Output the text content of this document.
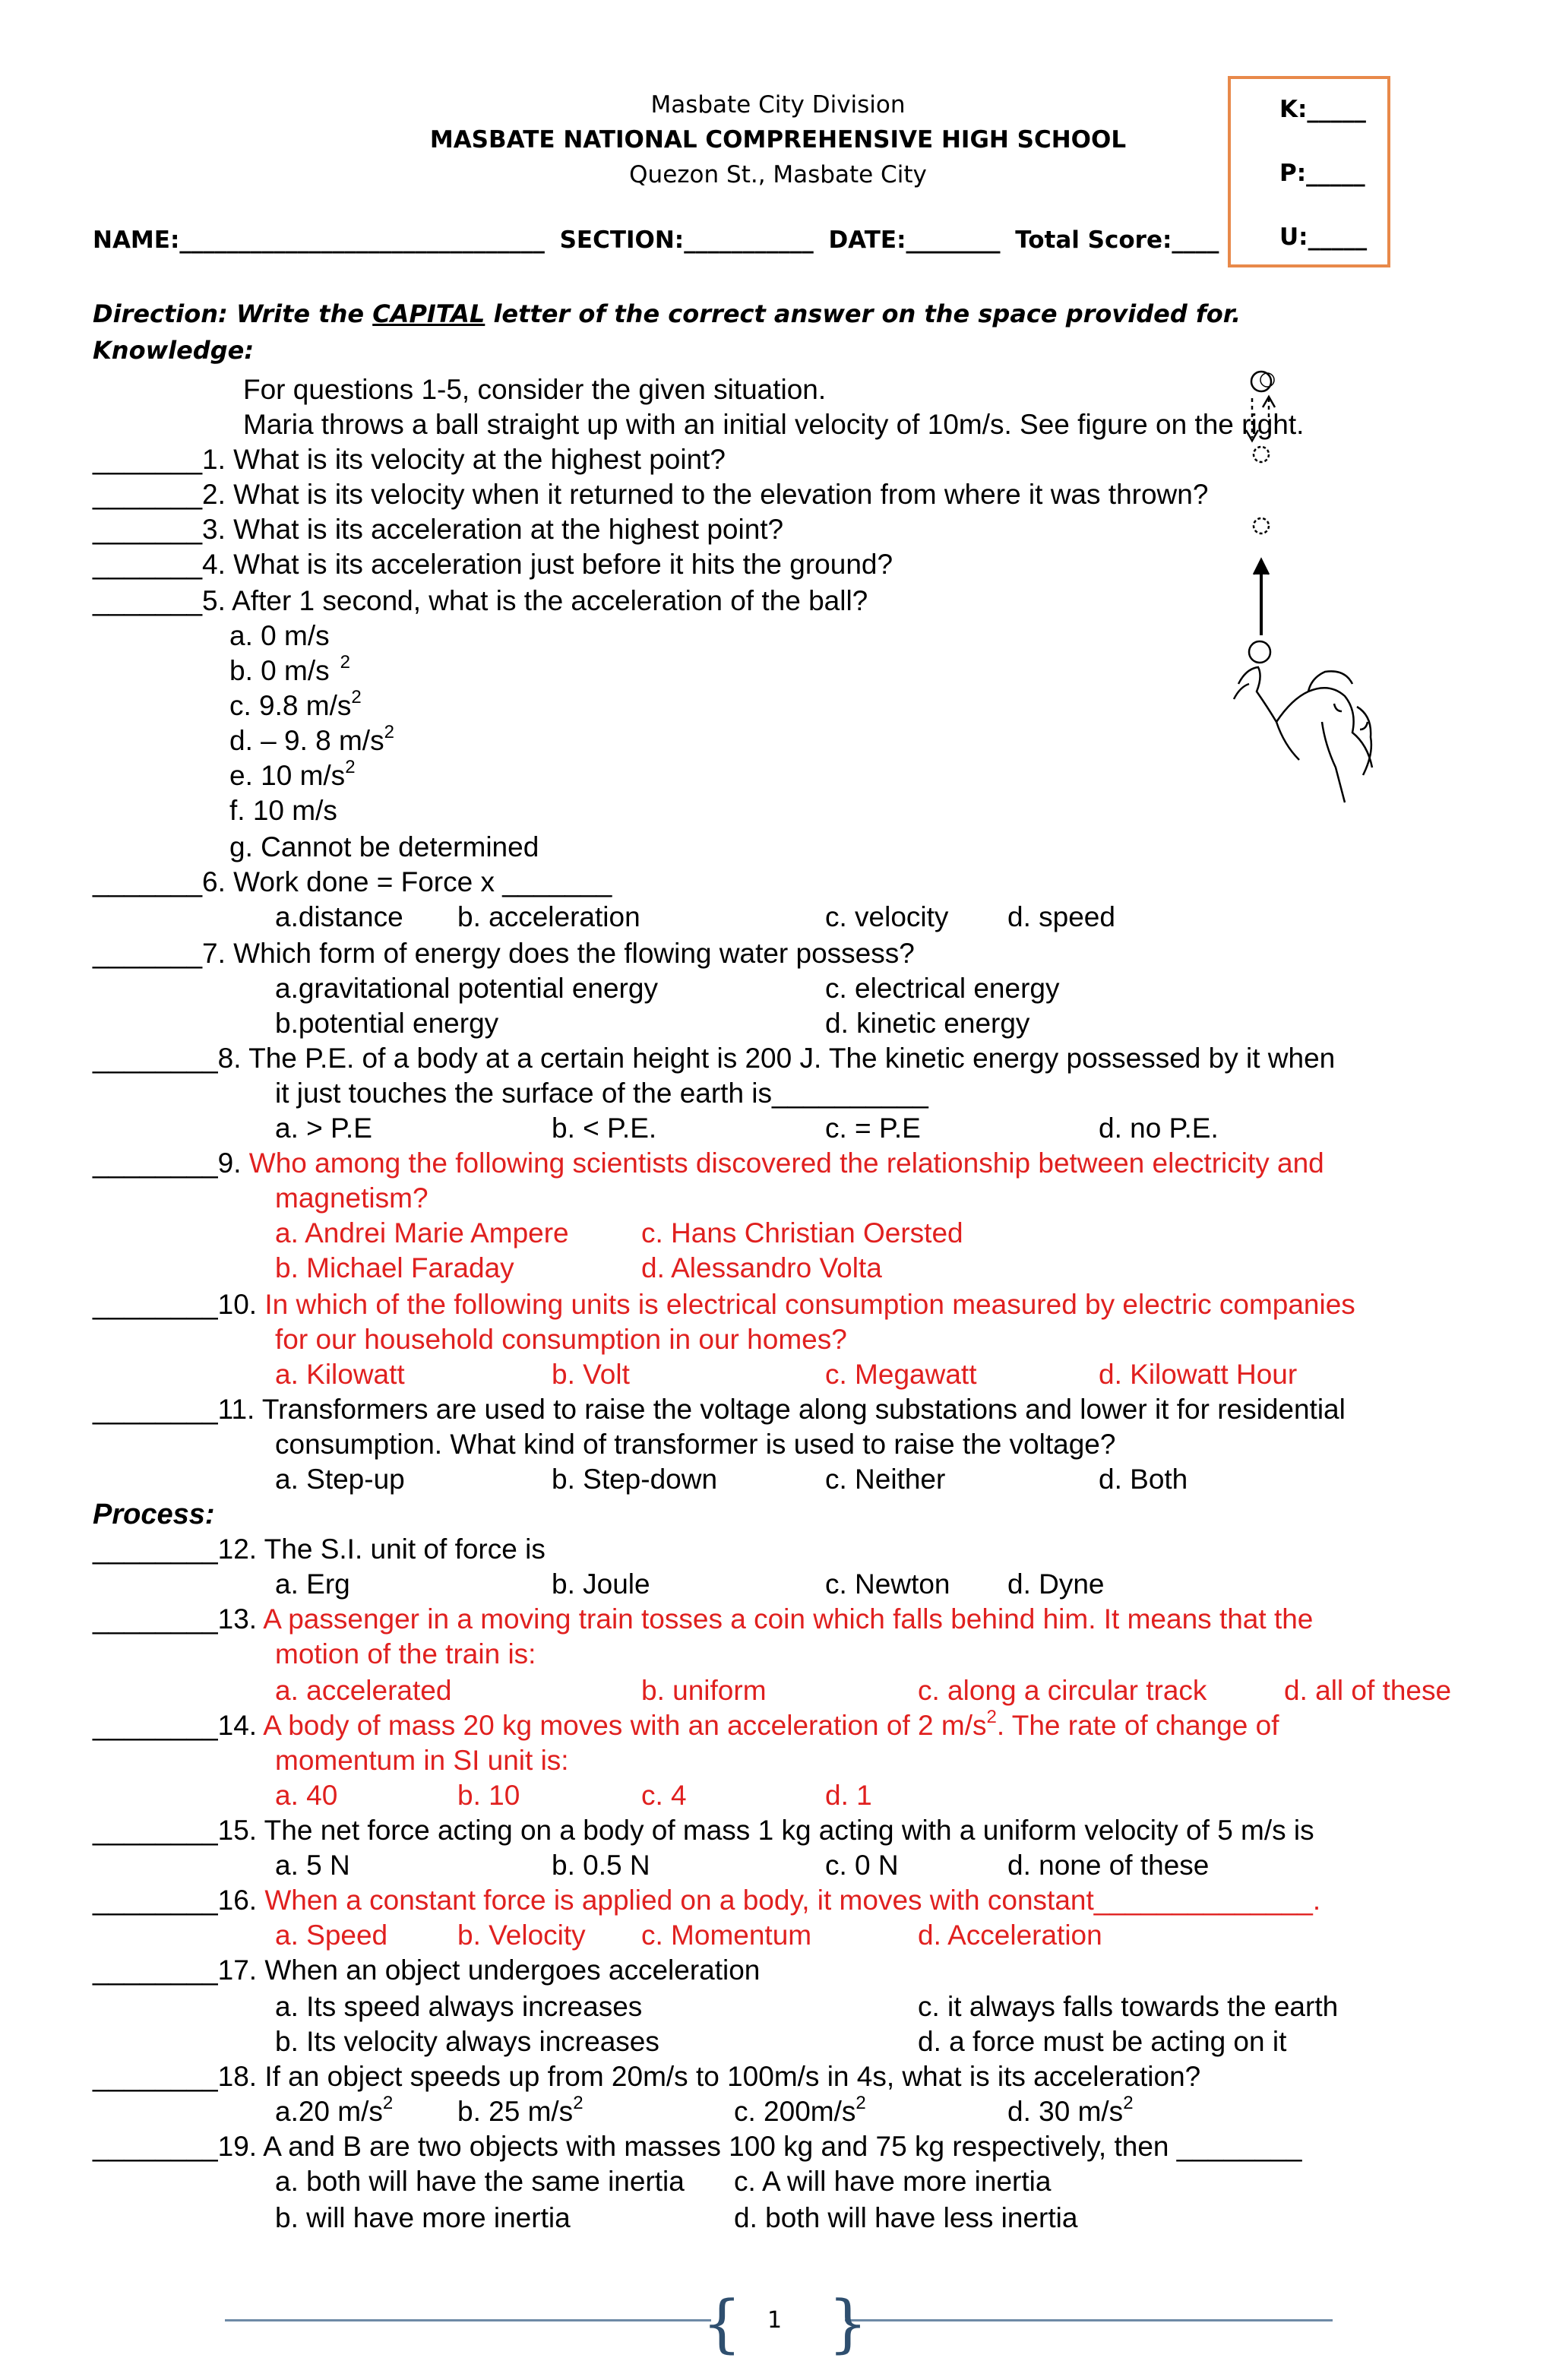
Masbate City Division
MASBATE NATIONAL COMPREHENSIVE HIGH SCHOOL
Quezon St., Masbate City
K:_____
P:_____
U:_____
NAME:_______________________________ SECTION:___________ DATE:________ Total Score:____
Direction: Write the CAPITAL letter of the correct answer on the space provided for.
Knowledge:
For questions 1-5, consider the given situation.
Maria throws a ball straight up with an initial velocity of 10m/s. See figure on the right.
_______1. What is its velocity at the highest point?
_______2. What is its velocity when it returned to the elevation from where it was thrown?
_______3. What is its acceleration at the highest point?
_______4. What is its acceleration just before it hits the ground?
_______5. After 1 second, what is the acceleration of the ball?
a. 0 m/s
b. 0 m/s $^2$
c. 9.8 $m/s^2$
d. – 9. 8 $m/s^2$
e. 10 $m/s^2$
f. 10 m/s
g. Cannot be determined
_______6. Work done = Force x _______
a.distance b. acceleration	c. velocity d. speed
_______7. Which form of energy does the flowing water possess?
a.gravitational potential energy	c. electrical energy
b.potential energy	d. kinetic energy
________8. The P.E. of a body at a certain height is 200 J. The kinetic energy possessed by it when
it just touches the surface of the earth is__________
a. > P.E	b. < P.E.	c. = P.E	d. no P.E.
________9. Who among the following scientists discovered the relationship between electricity and
magnetism?
a. Andrei Marie Ampere	c. Hans Christian Oersted
b. Michael Faraday	d. Alessandro Volta
________10. In which of the following units is electrical consumption measured by electric companies
for our household consumption in our homes?
a. Kilowatt	b. Volt	c. Megawatt	d. Kilowatt Hour
________11. Transformers are used to raise the voltage along substations and lower it for residential
consumption. What kind of transformer is used to raise the voltage?
a. Step-up	b. Step-down	c. Neither	d. Both
Process:
________12. The S.I. unit of force is
a. Erg	b. Joule	c. Newton d. Dyne
________13. A passenger in a moving train tosses a coin which falls behind him. It means that the
motion of the train is:
a. accelerated	b. uniform	c. along a circular track	d. all of these
________14. A body of mass 20 kg moves with an acceleration of 2 $m/s^2$. The rate of change of
momentum in SI unit is:
a. 40	b. 10	c. 4	d. 1
________15. The net force acting on a body of mass 1 kg acting with a uniform velocity of 5 m/s is
a. 5 N	b. 0.5 N	c. 0 N	d. none of these
________16. When a constant force is applied on a body, it moves with constant______________.
a. Speed b. Velocity c. Momentum	d. Acceleration
________17. When an object undergoes acceleration
a. Its speed always increases	c. it always falls towards the earth
b. Its velocity always increases	d. a force must be acting on it
________18. If an object speeds up from 20m/s to 100m/s in 4s, what is its acceleration?
a.20 $m/s^2$ b. 25 $m/s^2$	c. $200m/s^2$	d. 30 $m/s^2$
________19. A and B are two objects with masses 100 kg and 75 kg respectively, then ________
a. both will have the same inertia c. A will have more inertia
b. will have more inertia	d. both will have less inertia
{ }
1
